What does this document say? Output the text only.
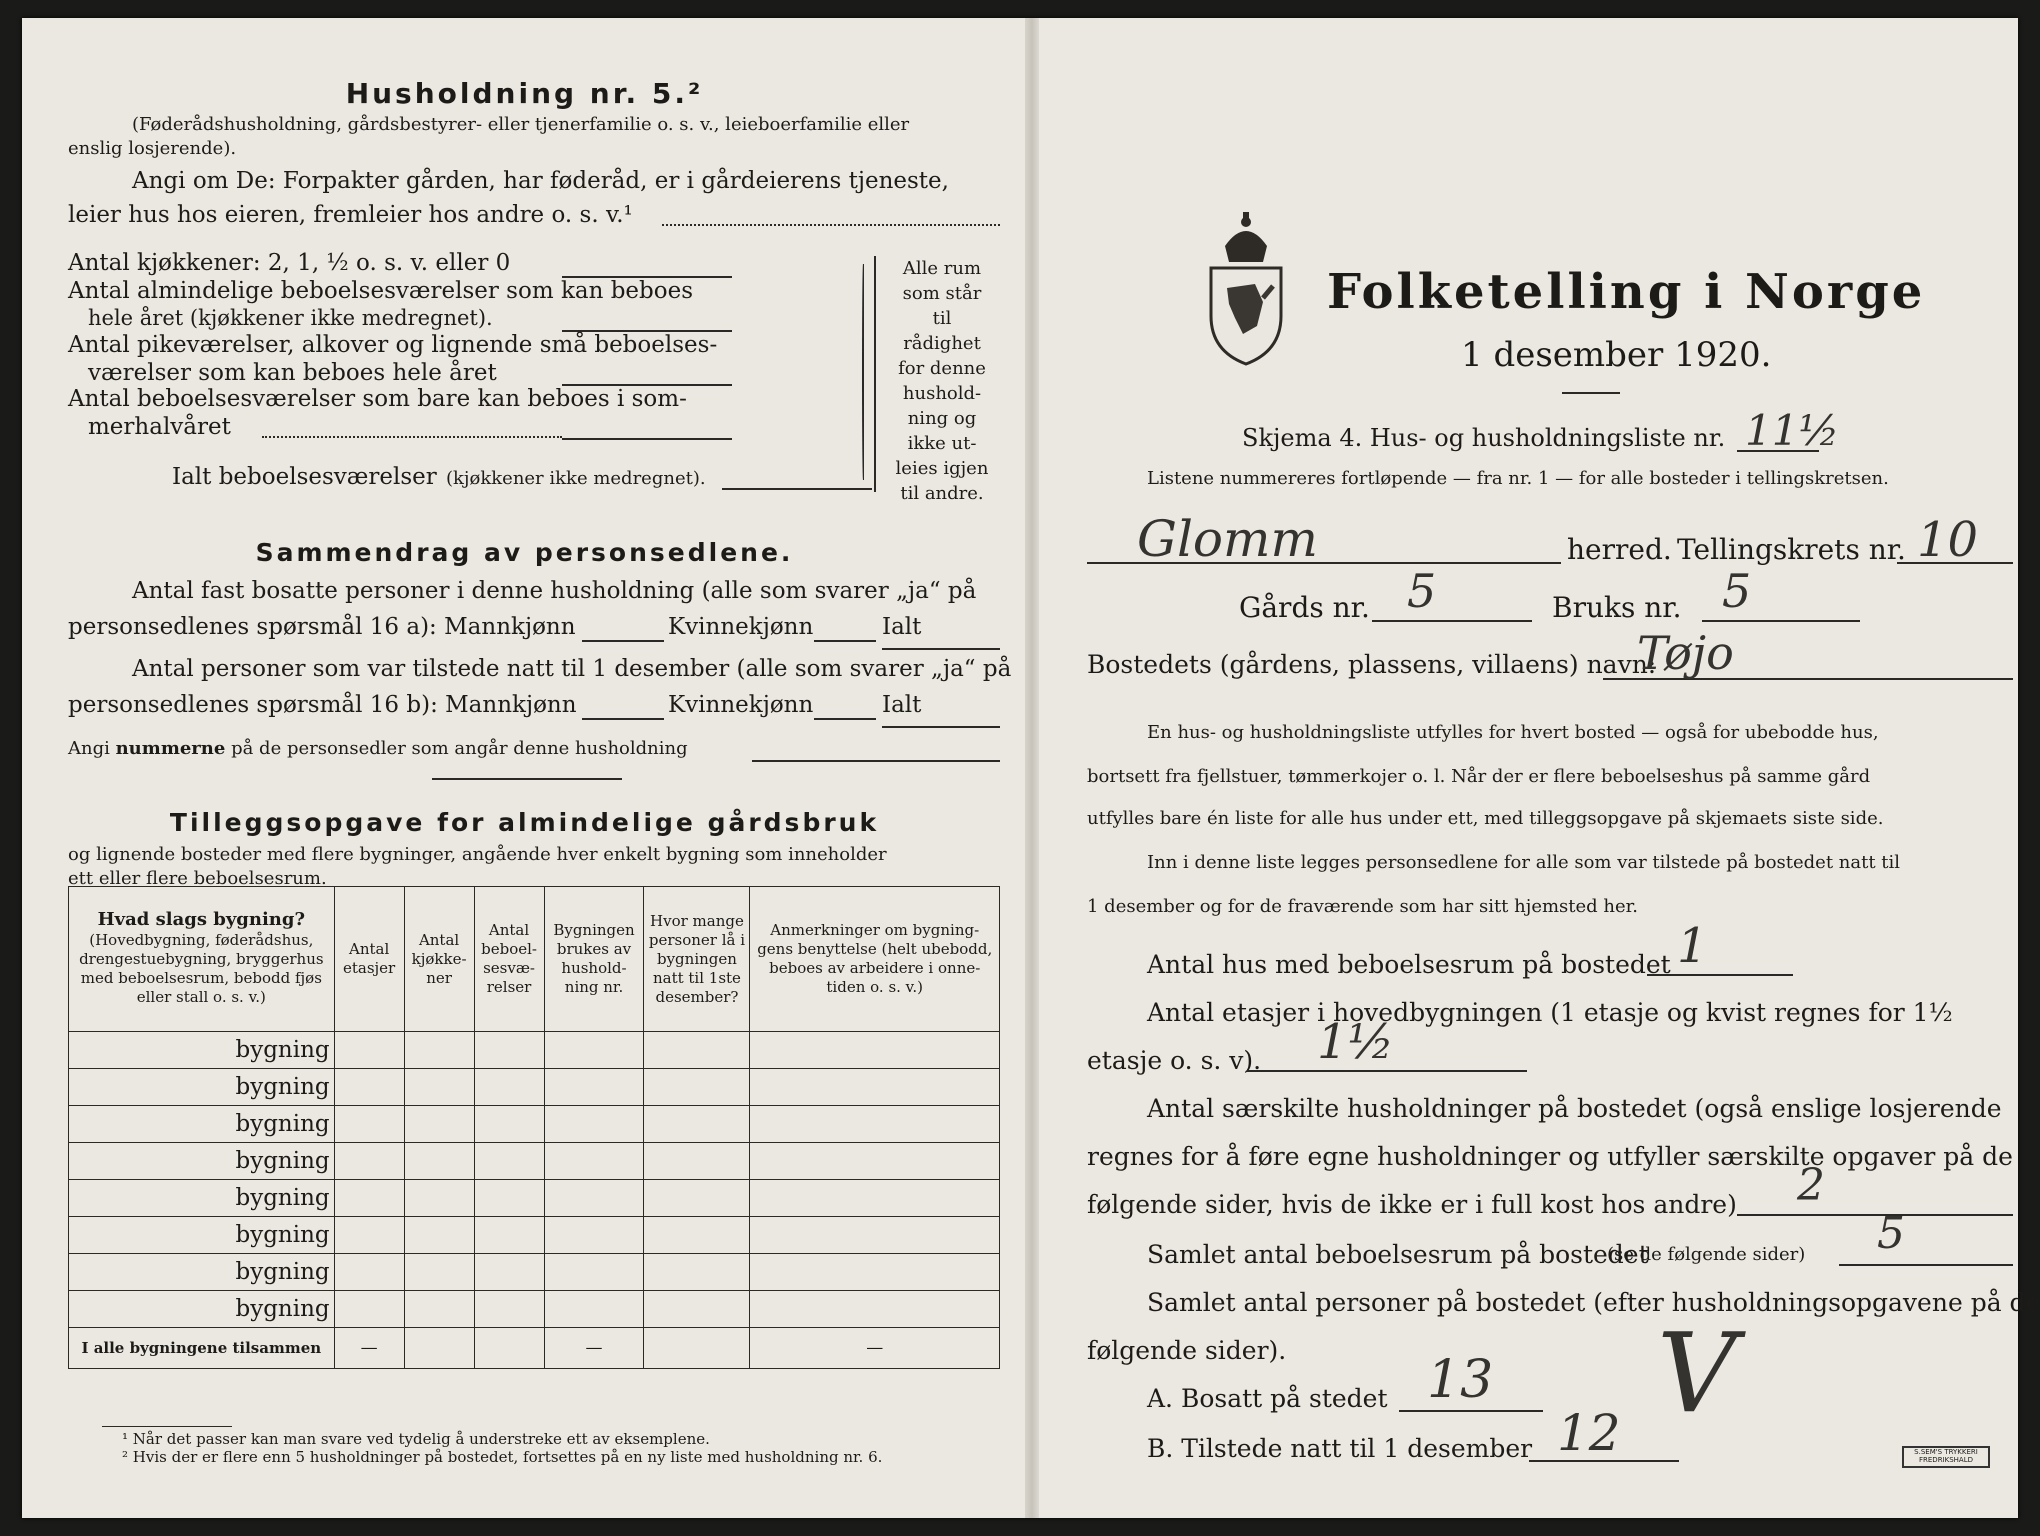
Husholdning nr. 5.²
(Føderådshusholdning, gårdsbestyrer- eller tjenerfamilie o. s. v., leieboerfamilie eller
enslig losjerende).
Angi om De: Forpakter gården, har føderåd, er i gårdeierens tjeneste,
leier hus hos eieren, fremleier hos andre o. s. v.¹
Antal kjøkkener: 2, 1, ½ o. s. v. eller 0
Antal almindelige beboelsesværelser som kan beboes
hele året (kjøkkener ikke medregnet).
Antal pikeværelser, alkover og lignende små beboelses-
værelser som kan beboes hele året
Antal beboelsesværelser som bare kan beboes i som-
merhalvåret
Ialt beboelsesværelser (kjøkkener ikke medregnet).
Alle rum
som står til
rådighet
for denne
hushold-
ning og
ikke ut-
leies igjen
til andre.
Sammendrag av personsedlene.
Antal fast bosatte personer i denne husholdning (alle som svarer „ja“ på
personsedlenes spørsmål 16 a): Mannkjønn	Kvinnekjønn	Ialt
Antal personer som var tilstede natt til 1 desember (alle som svarer „ja“ på
personsedlenes spørsmål 16 b): Mannkjønn	Kvinnekjønn	Ialt
Angi nummerne på de personsedler som angår denne husholdning
Tilleggsopgave for almindelige gårdsbruk
og lignende bosteder med flere bygninger, angående hver enkelt bygning som inneholder
ett eller flere beboelsesrum.
Hvad slags bygning?
(Hovedbygning, føderådshus, drengestuebygning, bryggerhus med beboelsesrum, bebodd fjøs eller stall o. s. v.)	Antal etasjer	Antal kjøkke-ner	Antal beboel-sesvæ-relser	Bygningen brukes av hushold-ning nr.	Hvor mange personer lå i bygningen natt til 1ste desember?	Anmerkninger om bygning-gens benyttelse (helt ubebodd, beboes av arbeidere i onne-tiden o. s. v.)

bygning						
bygning						
bygning						
bygning						
bygning						
bygning						
bygning						
bygning						
I alle bygningene tilsammen	—			—		—
¹ Når det passer kan man svare ved tydelig å understreke ett av eksemplene.
² Hvis der er flere enn 5 husholdninger på bostedet, fortsettes på en ny liste med husholdning nr. 6.
Folketelling i Norge
1 desember 1920.
Skjema 4. Hus- og husholdningsliste nr. 11½
Listene nummereres fortløpende — fra nr. 1 — for alle bosteder i tellingskretsen.
Glomm	herred. Tellingskrets nr. 10
Gårds nr. 5	Bruks nr. 5
Bostedets (gårdens, plassens, villaens) navn:
Tøjo
En hus- og husholdningsliste utfylles for hvert bosted — også for ubebodde hus,
bortsett fra fjellstuer, tømmerkojer o. l. Når der er flere beboelseshus på samme gård
utfylles bare én liste for alle hus under ett, med tilleggsopgave på skjemaets siste side.
Inn i denne liste legges personsedlene for alle som var tilstede på bostedet natt til
1 desember og for de fraværende som har sitt hjemsted her.
Antal hus med beboelsesrum på bostedet 1
Antal etasjer i hovedbygningen (1 etasje og kvist regnes for 1½
etasje o. s. v). 1½
Antal særskilte husholdninger på bostedet (også enslige losjerende
regnes for å føre egne husholdninger og utfyller særskilte opgaver på de
følgende sider, hvis de ikke er i full kost hos andre) 2
Samlet antal beboelsesrum på bostedet
(se de følgende sider) 5
Samlet antal personer på bostedet (efter husholdningsopgavene på de
følgende sider).
A. Bosatt på stedet 13
B. Tilstede natt til 1 desember 12 V
S.SEM'S TRYKKERI
FREDRIKSHALD
